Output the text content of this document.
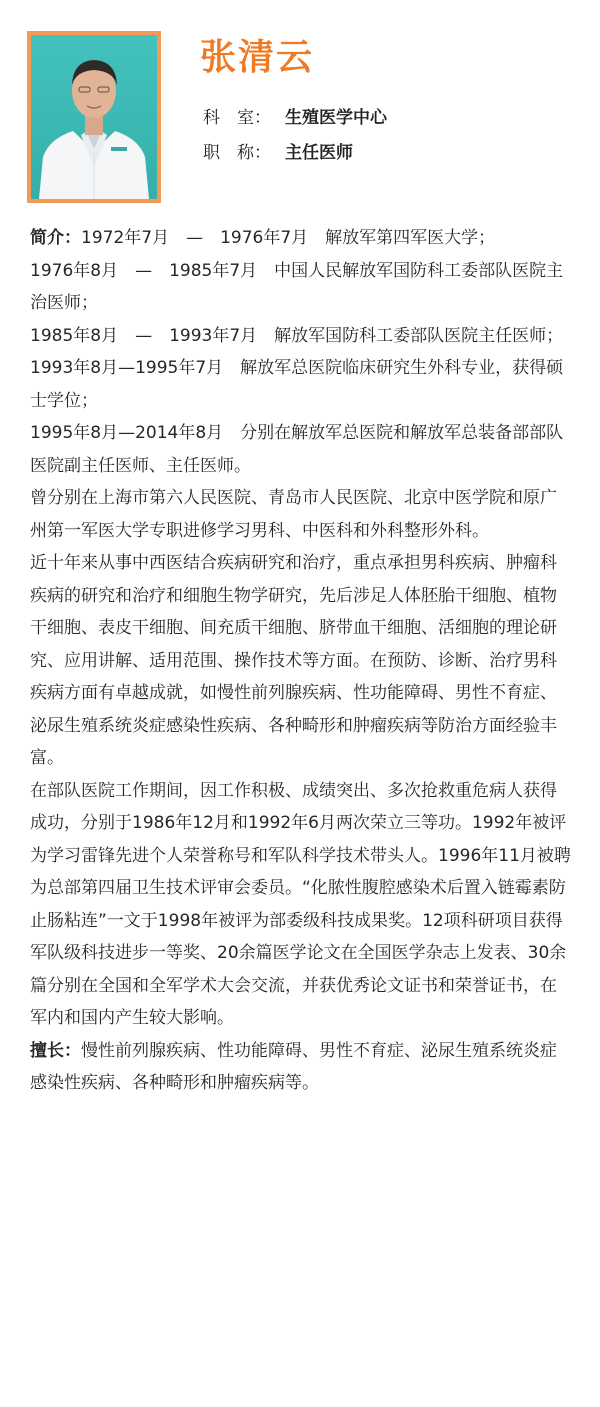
张清云
科　室： 生殖医学中心
职　称： 主任医师

简介：1972年7月　—　1976年7月　解放军第四军医大学；

1976年8月　—　1985年7月　中国人民解放军国防科工委部队医院主治医师；

1985年8月　—　1993年7月　解放军国防科工委部队医院主任医师；

1993年8月—1995年7月　解放军总医院临床研究生外科专业，获得硕士学位；

1995年8月—2014年8月　分别在解放军总医院和解放军总装备部部队医院副主任医师、主任医师。

曾分别在上海市第六人民医院、青岛市人民医院、北京中医学院和原广州第一军医大学专职进修学习男科、中医科和外科整形外科。

近十年来从事中西医结合疾病研究和治疗，重点承担男科疾病、肿瘤科疾病的研究和治疗和细胞生物学研究，先后涉足人体胚胎干细胞、植物干细胞、表皮干细胞、间充质干细胞、脐带血干细胞、活细胞的理论研究、应用讲解、适用范围、操作技术等方面。在预防、诊断、治疗男科疾病方面有卓越成就，如慢性前列腺疾病、性功能障碍、男性不育症、泌尿生殖系统炎症感染性疾病、各种畸形和肿瘤疾病等防治方面经验丰富。

在部队医院工作期间，因工作积极、成绩突出、多次抢救重危病人获得成功，分别于1986年12月和1992年6月两次荣立三等功。1992年被评为学习雷锋先进个人荣誉称号和军队科学技术带头人。1996年11月被聘为总部第四届卫生技术评审会委员。“化脓性腹腔感染术后置入链霉素防止肠粘连”一文于1998年被评为部委级科技成果奖。12项科研项目获得军队级科技进步一等奖、20余篇医学论文在全国医学杂志上发表、30余篇分别在全国和全军学术大会交流，并获优秀论文证书和荣誉证书，在军内和国内产生较大影响。

擅长：慢性前列腺疾病、性功能障碍、男性不育症、泌尿生殖系统炎症感染性疾病、各种畸形和肿瘤疾病等。
